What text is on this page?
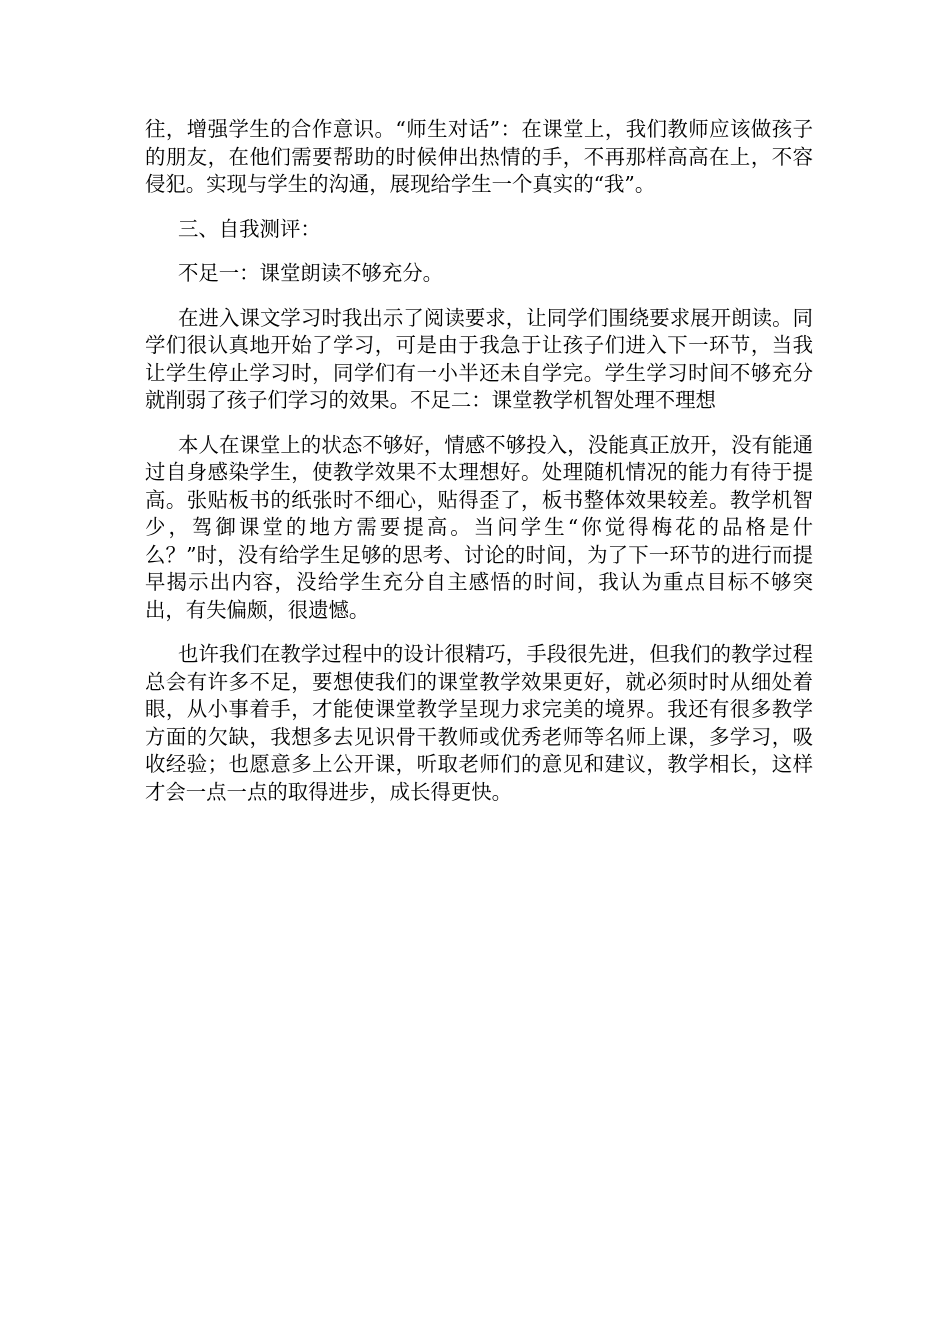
往，增强学生的合作意识。“师生对话”：在课堂上，我们教师应该做孩子的朋友，在他们需要帮助的时候伸出热情的手，不再那样高高在上，不容侵犯。实现与学生的沟通，展现给学生一个真实的“我”。

三、自我测评：

不足一：课堂朗读不够充分。

在进入课文学习时我出示了阅读要求，让同学们围绕要求展开朗读。同学们很认真地开始了学习，可是由于我急于让孩子们进入下一环节，当我让学生停止学习时，同学们有一小半还未自学完。学生学习时间不够充分就削弱了孩子们学习的效果。不足二：课堂教学机智处理不理想

本人在课堂上的状态不够好，情感不够投入，没能真正放开，没有能通过自身感染学生，使教学效果不太理想好。处理随机情况的能力有待于提高。张贴板书的纸张时不细心，贴得歪了，板书整体效果较差。教学机智少，驾御课堂的地方需要提高。当问学生“你觉得梅花的品格是什么？”时，没有给学生足够的思考、讨论的时间，为了下一环节的进行而提早揭示出内容，没给学生充分自主感悟的时间，我认为重点目标不够突出，有失偏颇，很遗憾。

也许我们在教学过程中的设计很精巧，手段很先进，但我们的教学过程总会有许多不足，要想使我们的课堂教学效果更好，就必须时时从细处着眼，从小事着手，才能使课堂教学呈现力求完美的境界。我还有很多教学方面的欠缺，我想多去见识骨干教师或优秀老师等名师上课，多学习，吸收经验；也愿意多上公开课，听取老师们的意见和建议，教学相长，这样才会一点一点的取得进步，成长得更快。
